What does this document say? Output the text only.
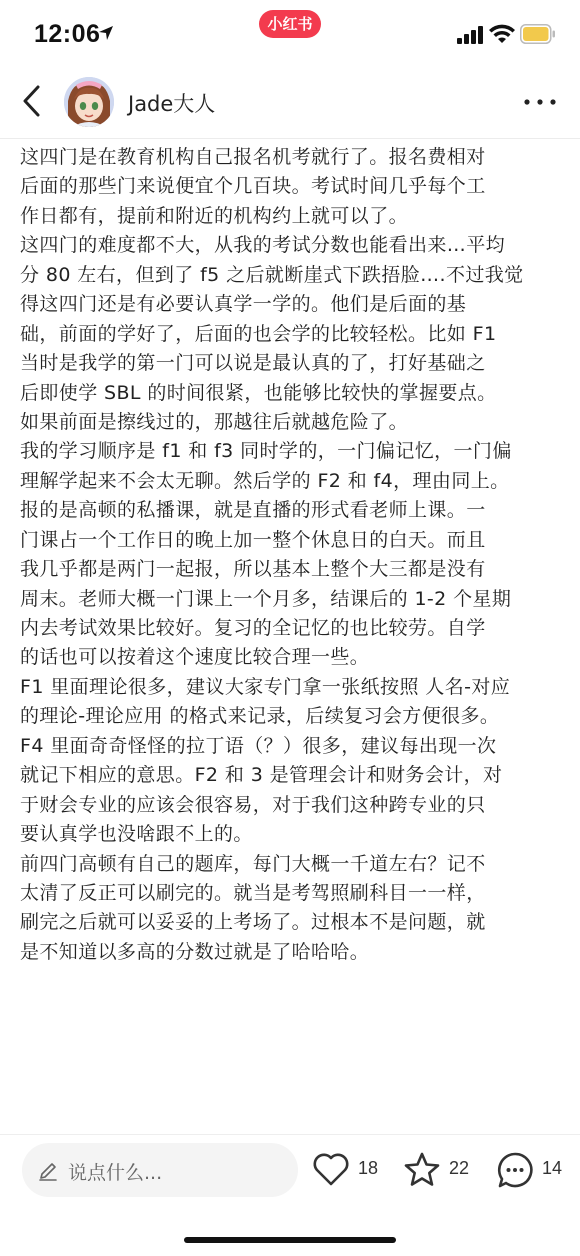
12:06	小红书
Jade大人
这四门是在教育机构自己报名机考就行了。报名费相对
后面的那些门来说便宜个几百块。考试时间几乎每个工
作日都有，提前和附近的机构约上就可以了。
这四门的难度都不大，从我的考试分数也能看出来…平均
分 80 左右，但到了 f5 之后就断崖式下跌捂脸….不过我觉
得这四门还是有必要认真学一学的。他们是后面的基
础，前面的学好了，后面的也会学的比较轻松。比如 F1
当时是我学的第一门可以说是最认真的了，打好基础之
后即使学 SBL 的时间很紧，也能够比较快的掌握要点。
如果前面是擦线过的，那越往后就越危险了。
我的学习顺序是 f1 和 f3 同时学的，一门偏记忆，一门偏
理解学起来不会太无聊。然后学的 F2 和 f4，理由同上。
报的是高顿的私播课，就是直播的形式看老师上课。一
门课占一个工作日的晚上加一整个休息日的白天。而且
我几乎都是两门一起报，所以基本上整个大三都是没有
周末。老师大概一门课上一个月多，结课后的 1-2 个星期
内去考试效果比较好。复习的全记忆的也比较劳。自学
的话也可以按着这个速度比较合理一些。
F1 里面理论很多，建议大家专门拿一张纸按照 人名-对应
的理论-理论应用 的格式来记录，后续复习会方便很多。
F4 里面奇奇怪怪的拉丁语（？）很多，建议每出现一次
就记下相应的意思。F2 和 3 是管理会计和财务会计，对
于财会专业的应该会很容易，对于我们这种跨专业的只
要认真学也没啥跟不上的。
前四门高顿有自己的题库，每门大概一千道左右？记不
太清了反正可以刷完的。就当是考驾照刷科目一一样，
刷完之后就可以妥妥的上考场了。过根本不是问题，就
是不知道以多高的分数过就是了哈哈哈。
说点什么...	18	22	14
